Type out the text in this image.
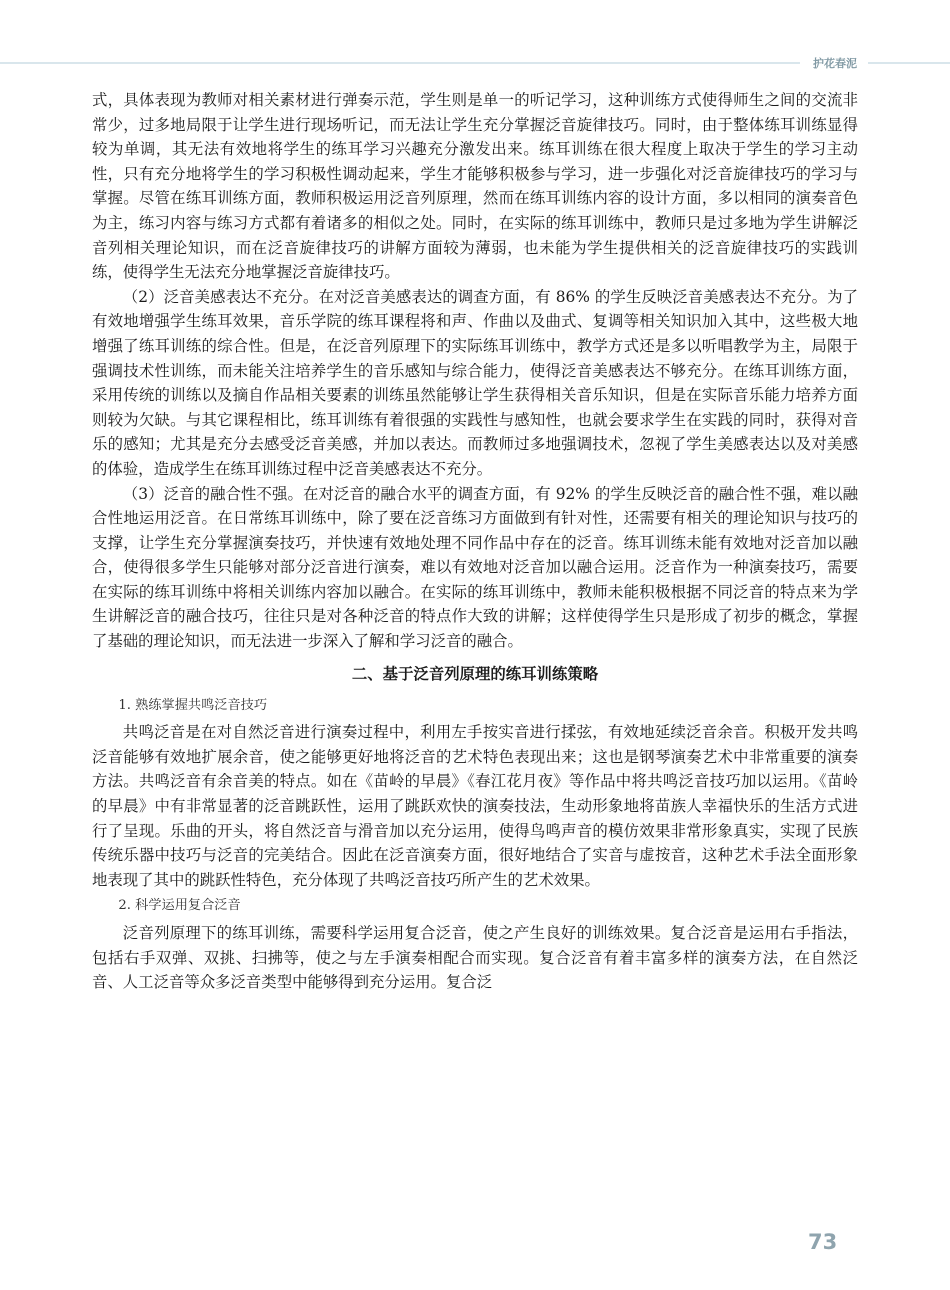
护花春泥

式，具体表现为教师对相关素材进行弹奏示范，学生则是单一的听记学习，这种训练方式使得师生之间的交流非常少，过多地局限于让学生进行现场听记，而无法让学生充分掌握泛音旋律技巧。同时，由于整体练耳训练显得较为单调，其无法有效地将学生的练耳学习兴趣充分激发出来。练耳训练在很大程度上取决于学生的学习主动性，只有充分地将学生的学习积极性调动起来，学生才能够积极参与学习，进一步强化对泛音旋律技巧的学习与掌握。尽管在练耳训练方面，教师积极运用泛音列原理，然而在练耳训练内容的设计方面，多以相同的演奏音色为主，练习内容与练习方式都有着诸多的相似之处。同时，在实际的练耳训练中，教师只是过多地为学生讲解泛音列相关理论知识，而在泛音旋律技巧的讲解方面较为薄弱，也未能为学生提供相关的泛音旋律技巧的实践训练，使得学生无法充分地掌握泛音旋律技巧。

（2）泛音美感表达不充分。在对泛音美感表达的调查方面，有 86% 的学生反映泛音美感表达不充分。为了有效地增强学生练耳效果，音乐学院的练耳课程将和声、作曲以及曲式、复调等相关知识加入其中，这些极大地增强了练耳训练的综合性。但是，在泛音列原理下的实际练耳训练中，教学方式还是多以听唱教学为主，局限于强调技术性训练，而未能关注培养学生的音乐感知与综合能力，使得泛音美感表达不够充分。在练耳训练方面，采用传统的训练以及摘自作品相关要素的训练虽然能够让学生获得相关音乐知识，但是在实际音乐能力培养方面则较为欠缺。与其它课程相比，练耳训练有着很强的实践性与感知性，也就会要求学生在实践的同时，获得对音乐的感知；尤其是充分去感受泛音美感，并加以表达。而教师过多地强调技术，忽视了学生美感表达以及对美感的体验，造成学生在练耳训练过程中泛音美感表达不充分。

（3）泛音的融合性不强。在对泛音的融合水平的调查方面，有 92% 的学生反映泛音的融合性不强，难以融合性地运用泛音。在日常练耳训练中，除了要在泛音练习方面做到有针对性，还需要有相关的理论知识与技巧的支撑，让学生充分掌握演奏技巧，并快速有效地处理不同作品中存在的泛音。练耳训练未能有效地对泛音加以融合，使得很多学生只能够对部分泛音进行演奏，难以有效地对泛音加以融合运用。泛音作为一种演奏技巧，需要在实际的练耳训练中将相关训练内容加以融合。在实际的练耳训练中，教师未能积极根据不同泛音的特点来为学生讲解泛音的融合技巧，往往只是对各种泛音的特点作大致的讲解；这样使得学生只是形成了初步的概念，掌握了基础的理论知识，而无法进一步深入了解和学习泛音的融合。

二、基于泛音列原理的练耳训练策略
1. 熟练掌握共鸣泛音技巧

共鸣泛音是在对自然泛音进行演奏过程中，利用左手按实音进行揉弦，有效地延续泛音余音。积极开发共鸣泛音能够有效地扩展余音，使之能够更好地将泛音的艺术特色表现出来；这也是钢琴演奏艺术中非常重要的演奏方法。共鸣泛音有余音美的特点。如在《苗岭的早晨》《春江花月夜》等作品中将共鸣泛音技巧加以运用。《苗岭的早晨》中有非常显著的泛音跳跃性，运用了跳跃欢快的演奏技法，生动形象地将苗族人幸福快乐的生活方式进行了呈现。乐曲的开头，将自然泛音与滑音加以充分运用，使得鸟鸣声音的模仿效果非常形象真实，实现了民族传统乐器中技巧与泛音的完美结合。因此在泛音演奏方面，很好地结合了实音与虚按音，这种艺术手法全面形象地表现了其中的跳跃性特色，充分体现了共鸣泛音技巧所产生的艺术效果。

2. 科学运用复合泛音

泛音列原理下的练耳训练，需要科学运用复合泛音，使之产生良好的训练效果。复合泛音是运用右手指法，包括右手双弹、双挑、扫拂等，使之与左手演奏相配合而实现。复合泛音有着丰富多样的演奏方法，在自然泛音、人工泛音等众多泛音类型中能够得到充分运用。复合泛

73
